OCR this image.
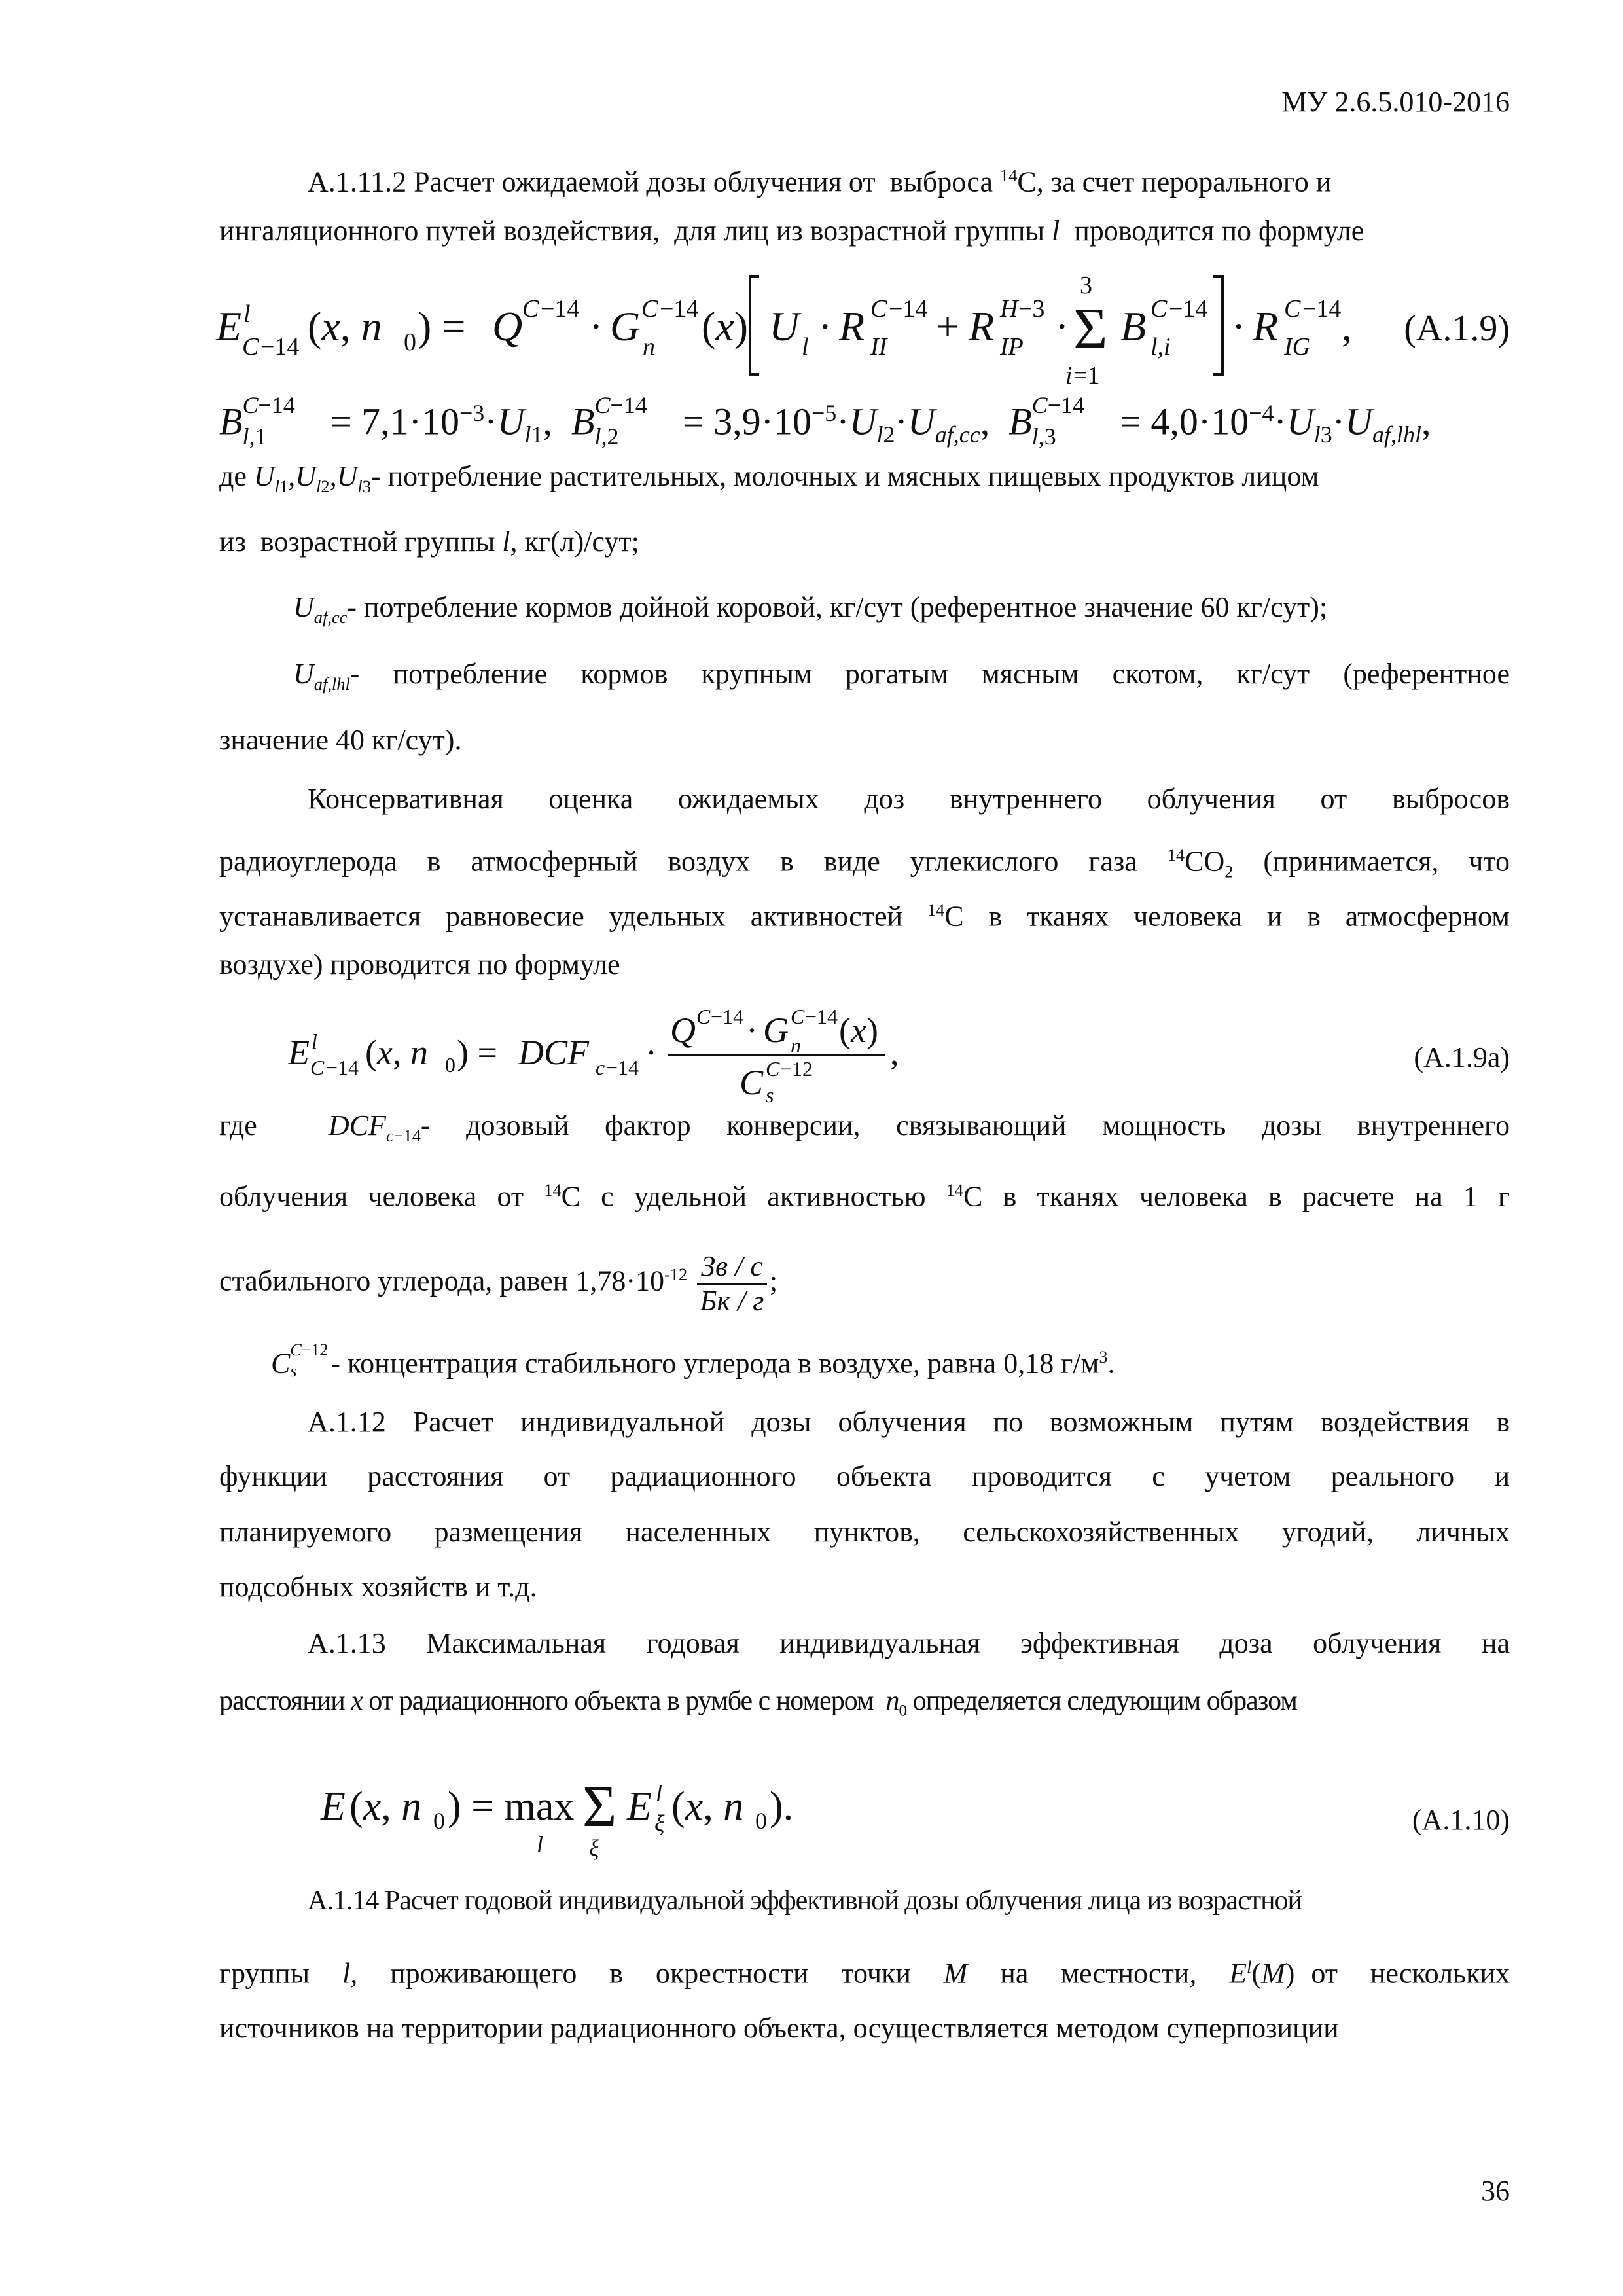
МУ 2.6.5.010-2016
А.1.11.2 Расчет ожидаемой дозы облучения от  выброса $^{14}$С, за счет перорального и
ингаляционного путей воздействия,  для лиц из возрастной группы l  проводится по формуле
E l
C −14 (x, n 0 ) = Q C −14 · G C −14
n (x) U l · R C −14
II + R H −3
IP ·
3
Σ
i =1
B C −14
l,i · R C −14
IG , (А.1.9)
B C−14
$l,1 = 7,1\cdot 10^{-3}\cdot U_{l1}$,  B C−14
$l,2 = 3,9\cdot 10^{-5}\cdot U_{l2}\cdot U_{af,cc}$,  B C−14
$l,3 = 4,0\cdot 10^{-4}\cdot U_{l3}\cdot U_{af,lhl}$,
де $U_{l1},U_{l2},U_{l3}-$ потребление растительных, молочных и мясных пищевых продуктов лицом
из  возрастной группы l, кг(л)/сут;
$U_{af,cc}-$ потребление кормов дойной коровой, кг/сут (референтное значение 60 кг/сут);
$U_{af,lhl}-$ потребление кормов крупным рогатым мясным скотом, кг/сут (референтное
значение 40 кг/сут).
Консервативная оценка ожидаемых доз внутреннего облучения от выбросов
радиоуглерода в атмосферный воздух в виде углекислого газа $^{14}CO_2$ (принимается, что
устанавливается равновесие удельных активностей $^{14}$С в тканях человека и в атмосферном
воздухе) проводится по формуле
E l
C −14 (x, n 0 ) = DCF c −14 ·
Q C −14 · G C −14
n (x)
C C −12
s
,	(А.1.9а)
где  $DCF_{c-14}-$ дозовый фактор конверсии, связывающий мощность дозы внутреннего
облучения человека от $^{14}$С с удельной активностью $^{14}$С в тканях человека в расчете на 1 г
стабильного углерода, равен $1,78\cdot 10^{-12}$ Зв / с
Бк / г
;
C C−12
s - концентрация стабильного углерода в воздухе, равна 0,18 $г/м^3$.
А.1.12 Расчет индивидуальной дозы облучения по возможным путям воздействия в
функции расстояния от радиационного объекта проводится с учетом реального и
планируемого размещения населенных пунктов, сельскохозяйственных угодий, личных
подсобных хозяйств и т.д.
А.1.13 Максимальная годовая индивидуальная эффективная доза облучения на
расстоянии x от радиационного объекта в румбе с номером  $n_0$ определяется следующим образом
E (x, n 0 ) = max
l
Σ
ξ
E l
ξ (x, n 0 ).	(А.1.10)
А.1.14 Расчет годовой индивидуальной эффективной дозы облучения лица из возрастной
группы  l,  проживающего  в  окрестности  точки  M  на  местности,  $E^l(M)$ от  нескольких
источников на территории радиационного объекта, осуществляется методом суперпозиции
36
